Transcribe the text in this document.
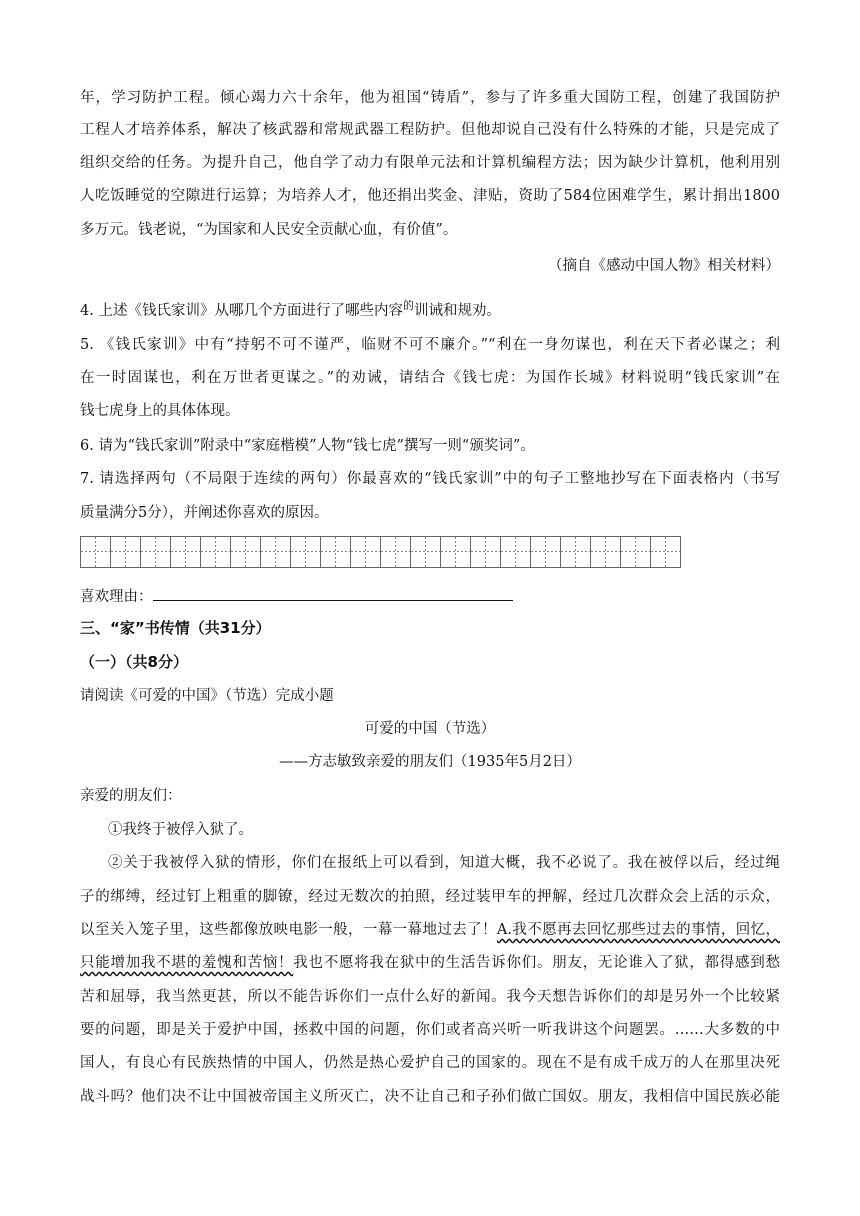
年，学习防护工程。倾心竭力六十余年，他为祖国“铸盾”，参与了许多重大国防工程，创建了我国防护
工程人才培养体系，解决了核武器和常规武器工程防护。但他却说自己没有什么特殊的才能，只是完成了
组织交给的任务。为提升自己，他自学了动力有限单元法和计算机编程方法；因为缺少计算机，他利用别
人吃饭睡觉的空隙进行运算；为培养人才，他还捐出奖金、津贴，资助了584位困难学生，累计捐出1800
多万元。钱老说，“为国家和人民安全贡献心血，有价值”。
（摘自《感动中国人物》相关材料）
4. 上述《钱氏家训》从哪几个方面进行了哪些内容$^的$训诫和规劝。
5. 《钱氏家训》中有“持躬不可不谨严，临财不可不廉介。”“利在一身勿谋也，利在天下者必谋之；利
在一时固谋也，利在万世者更谋之。”的劝诫，请结合《钱七虎：为国作长城》材料说明“钱氏家训”在
钱七虎身上的具体体现。
6. 请为“钱氏家训”附录中“家庭楷模”人物“钱七虎”撰写一则“颁奖词”。
7. 请选择两句（不局限于连续的两句）你最喜欢的“钱氏家训”中的句子工整地抄写在下面表格内（书写
质量满分5分），并阐述你喜欢的原因。
喜欢理由：
三、“家”书传情（共31分）
（一）（共8分）
请阅读《可爱的中国》（节选）完成小题
可爱的中国（节选）
——方志敏致亲爱的朋友们（1935年5月2日）
亲爱的朋友们：
①我终于被俘入狱了。
②关于我被俘入狱的情形，你们在报纸上可以看到，知道大概，我不必说了。我在被俘以后，经过绳
子的绑缚，经过钉上粗重的脚镣，经过无数次的拍照，经过装甲车的押解，经过几次群众会上活的示众，
以至关入笼子里，这些都像放映电影一般，一幕一幕地过去了！A.我不愿再去回忆那些过去的事情，回忆，
只能增加我不堪的羞愧和苦恼！我也不愿将我在狱中的生活告诉你们。朋友，无论谁入了狱，都得感到愁
苦和屈辱，我当然更甚，所以不能告诉你们一点什么好的新闻。我今天想告诉你们的却是另外一个比较紧
要的问题，即是关于爱护中国，拯救中国的问题，你们或者高兴听一听我讲这个问题罢。……大多数的中
国人，有良心有民族热情的中国人，仍然是热心爱护自己的国家的。现在不是有成千成万的人在那里决死
战斗吗？他们决不让中国被帝国主义所灭亡，决不让自己和子孙们做亡国奴。朋友，我相信中国民族必能
